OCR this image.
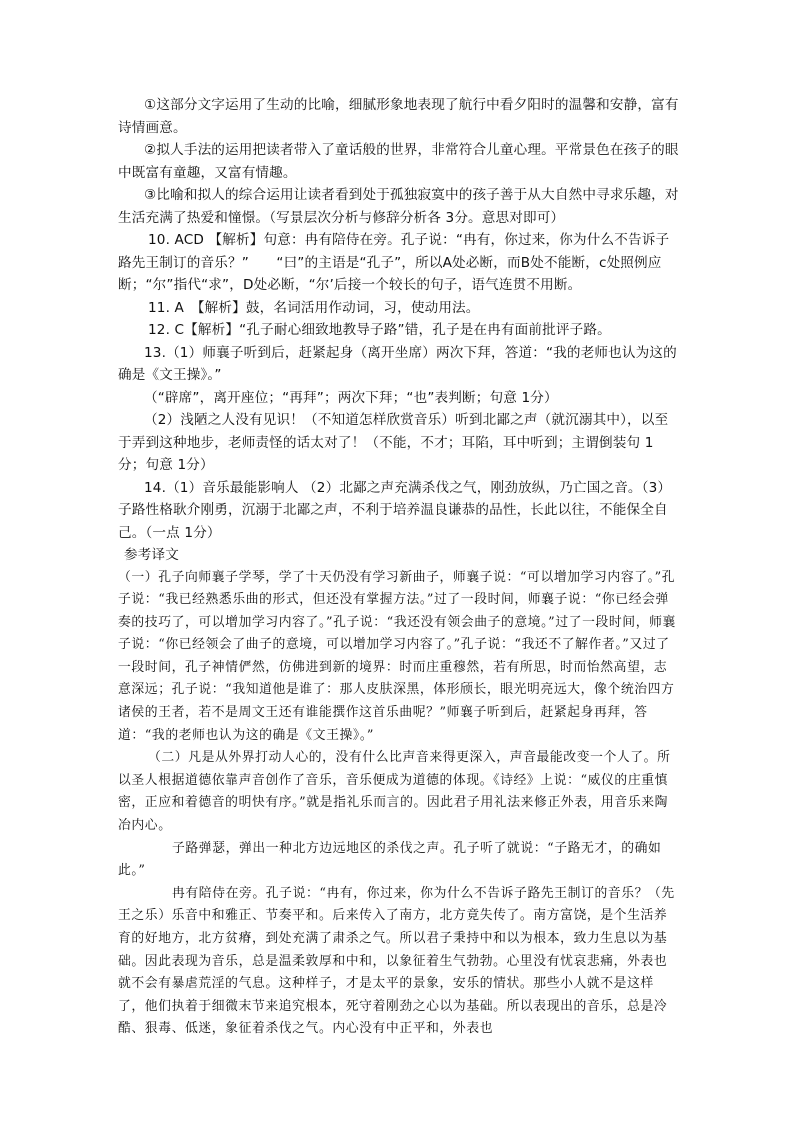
①这部分文字运用了生动的比喻，细腻形象地表现了航行中看夕阳时的温馨和安静，富有诗情画意。

②拟人手法的运用把读者带入了童话般的世界，非常符合儿童心理。平常景色在孩子的眼中既富有童趣，又富有情趣。

③比喻和拟人的综合运用让读者看到处于孤独寂寞中的孩子善于从大自然中寻求乐趣，对生活充满了热爱和憧憬。（写景层次分析与修辞分析各 3分。意思对即可）

10. ACD 【解析】句意：冉有陪侍在旁。孔子说：“冉有，你过来，你为什么不告诉子路先王制订的音乐？”　　“曰”的主语是“孔子”，所以A处必断，而B处不能断，c处照例应断；“尔”指代“求”，D处必断，“尔’后接一个较长的句子，语气连贯不用断。

11. A　【解析】鼓，名词活用作动词，习，使动用法。

12. C【解析】“孔子耐心细致地教导子路”错，孔子是在冉有面前批评子路。

13.（1）师襄子听到后，赶紧起身（离开坐席）两次下拜，答道：“我的老师也认为这的确是《文王操》。”

（“辟席”，离开座位；“再拜”；两次下拜；“也”表判断；句意 1分）

（2）浅陋之人没有见识！（不知道怎样欣赏音乐）听到北鄙之声（就沉溺其中），以至于弄到这种地步，老师责怪的话太对了！（不能，不才；耳陷，耳中听到；主谓倒装句 1分；句意 1分）

14.（1）音乐最能影响人 （2）北鄙之声充满杀伐之气，刚劲放纵，乃亡国之音。（3）子路性格耿介刚勇，沉溺于北鄙之声，不利于培养温良谦恭的品性，长此以往，不能保全自己。（一点 1分）

参考译文

（一）孔子向师襄子学琴，学了十天仍没有学习新曲子，师襄子说：“可以增加学习内容了。”孔子说：“我已经熟悉乐曲的形式，但还没有掌握方法。”过了一段时间，师襄子说：“你已经会弹奏的技巧了，可以增加学习内容了。”孔子说：“我还没有领会曲子的意境。”过了一段时间，师襄子说：“你已经领会了曲子的意境，可以增加学习内容了。”孔子说：“我还不了解作者。”又过了一段时间，孔子神情俨然，仿佛进到新的境界：时而庄重穆然，若有所思，时而怡然高望，志意深远；孔子说：“我知道他是谁了：那人皮肤深黑，体形颀长，眼光明亮远大，像个统治四方诸侯的王者，若不是周文王还有谁能撰作这首乐曲呢？”师襄子听到后，赶紧起身再拜，答道：“我的老师也认为这的确是《文王操》。”

（二）凡是从外界打动人心的，没有什么比声音来得更深入，声音最能改变一个人了。所以圣人根据道德依靠声音创作了音乐，音乐便成为道德的体现。《诗经》上说：“威仪的庄重慎密，正应和着德音的明快有序。”就是指礼乐而言的。因此君子用礼法来修正外表，用音乐来陶冶内心。

子路弹瑟，弹出一种北方边远地区的杀伐之声。孔子听了就说：“子路无才，的确如此。”

冉有陪侍在旁。孔子说：“冉有，你过来，你为什么不告诉子路先王制订的音乐？（先王之乐）乐音中和雅正、节奏平和。后来传入了南方，北方竟失传了。南方富饶，是个生活养育的好地方，北方贫瘠，到处充满了肃杀之气。所以君子秉持中和以为根本，致力生息以为基础。因此表现为音乐，总是温柔敦厚和中和，以象征着生气勃勃。心里没有忧哀悲痛，外表也就不会有暴虐荒淫的气息。这种样子，才是太平的景象，安乐的情状。那些小人就不是这样了，他们执着于细微末节来追究根本，死守着刚劲之心以为基础。所以表现出的音乐，总是冷酷、狠毒、低迷，象征着杀伐之气。内心没有中正平和，外表也
